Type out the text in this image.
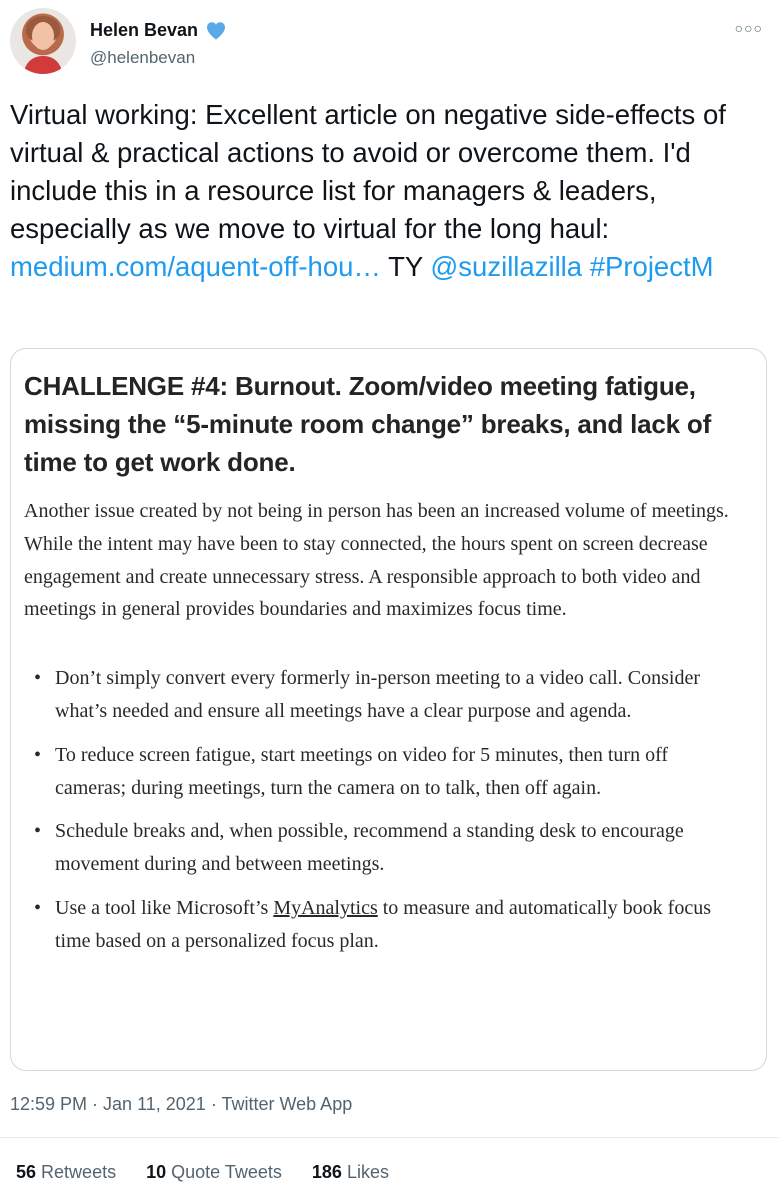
Helen Bevan
@helenbevan
○○○
Virtual working: Excellent article on negative side-effects of virtual & practical actions to avoid or overcome them. I'd include this in a resource list for managers & leaders, especially as we move to virtual for the long haul: medium.com/aquent-off-hou… TY @suzillazilla #ProjectM
CHALLENGE #4: Burnout. Zoom/video meeting fatigue, missing the “5-minute room change” breaks, and lack of time to get work done.
Another issue created by not being in person has been an increased volume of meetings. While the intent may have been to stay connected, the hours spent on screen decrease engagement and create unnecessary stress. A responsible approach to both video and meetings in general provides boundaries and maximizes focus time.
• Don’t simply convert every formerly in-person meeting to a video call. Consider what’s needed and ensure all meetings have a clear purpose and agenda.
• To reduce screen fatigue, start meetings on video for 5 minutes, then turn off cameras; during meetings, turn the camera on to talk, then off again.
• Schedule breaks and, when possible, recommend a standing desk to encourage movement during and between meetings.
• Use a tool like Microsoft’s MyAnalytics to measure and automatically book focus time based on a personalized focus plan.
12:59 PM · Jan 11, 2021 · Twitter Web App
56 Retweets 10 Quote Tweets 186 Likes
